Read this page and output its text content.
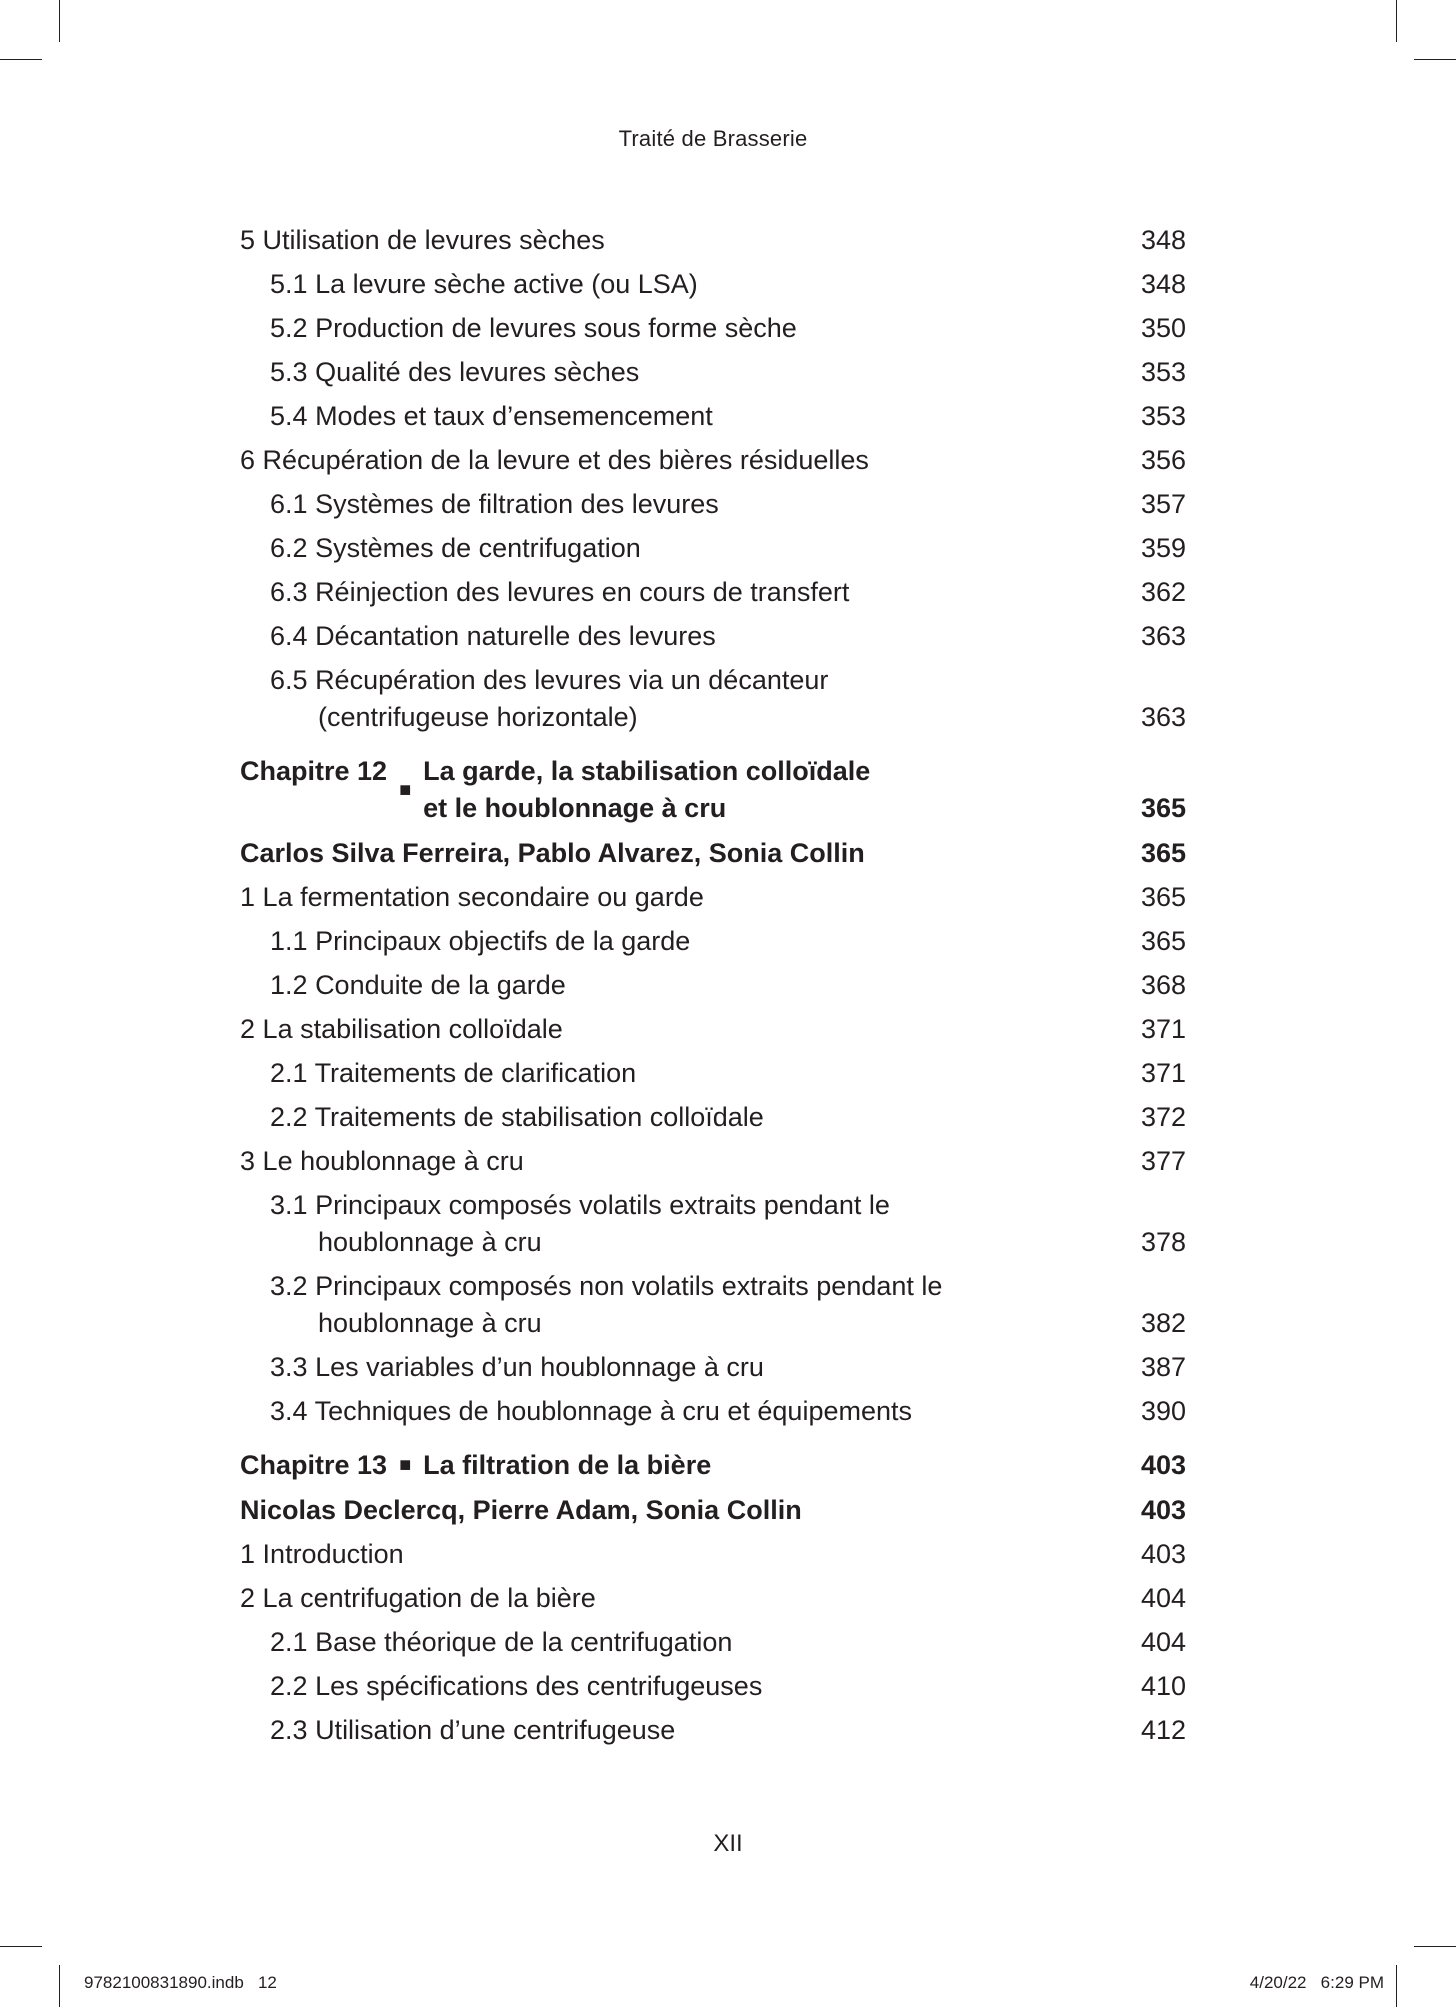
Traité de Brasserie
5 Utilisation de levures sèches	348
5.1 La levure sèche active (ou LSA)	348
5.2 Production de levures sous forme sèche	350
5.3 Qualité des levures sèches	353
5.4 Modes et taux d’ensemencement	353
6 Récupération de la levure et des bières résiduelles	356
6.1 Systèmes de filtration des levures	357
6.2 Systèmes de centrifugation	359
6.3 Réinjection des levures en cours de transfert	362
6.4 Décantation naturelle des levures	363
6.5 Récupération des levures via un décanteur
(centrifugeuse horizontale)	363
Chapitre 12
■
La garde, la stabilisation colloïdale
et le houblonnage à cru	365
Carlos Silva Ferreira, Pablo Alvarez, Sonia Collin	365
1 La fermentation secondaire ou garde	365
1.1 Principaux objectifs de la garde	365
1.2 Conduite de la garde	368
2 La stabilisation colloïdale	371
2.1 Traitements de clarification	371
2.2 Traitements de stabilisation colloïdale	372
3 Le houblonnage à cru	377
3.1 Principaux composés volatils extraits pendant le
houblonnage à cru	378
3.2 Principaux composés non volatils extraits pendant le
houblonnage à cru	382
3.3 Les variables d’un houblonnage à cru	387
3.4 Techniques de houblonnage à cru et équipements	390
Chapitre 13 ■ La filtration de la bière	403
Nicolas Declercq, Pierre Adam, Sonia Collin	403
1 Introduction	403
2 La centrifugation de la bière	404
2.1 Base théorique de la centrifugation	404
2.2 Les spécifications des centrifugeuses	410
2.3 Utilisation d’une centrifugeuse	412
XII
9782100831890.indb   12	4/20/22   6:29 PM
